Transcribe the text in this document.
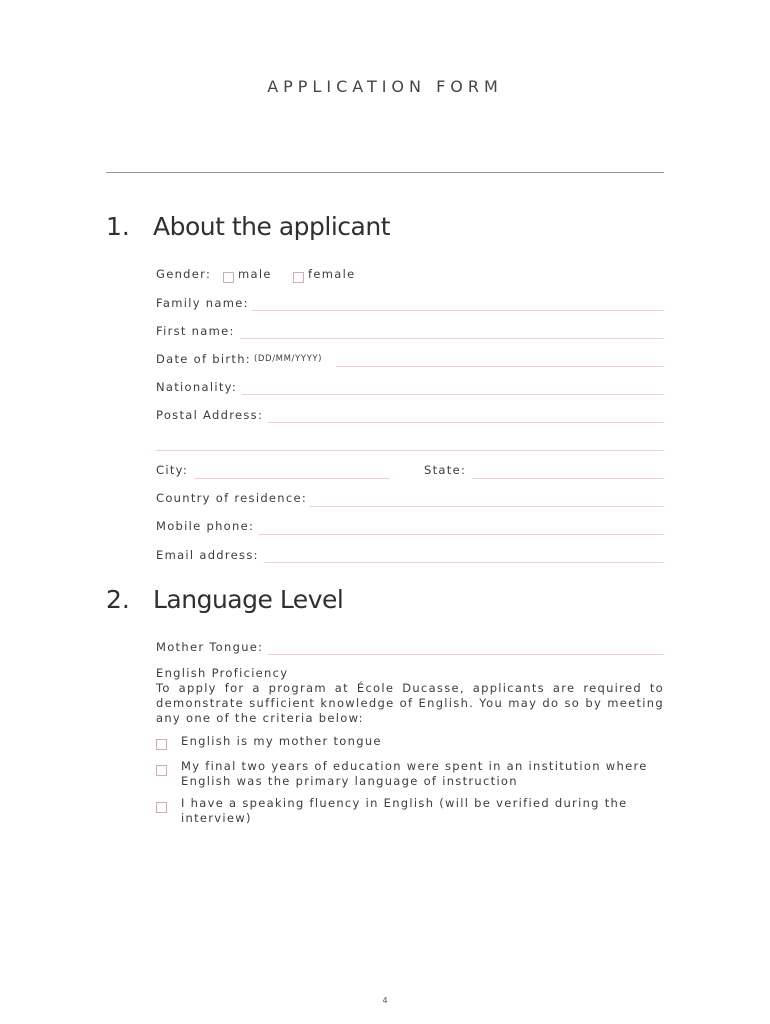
APPLICATION FORM
1. About the applicant
Gender: male	female
Family name:
First name:
Date of birth: (DD/MM/YYYY)
Nationality:
Postal Address:
City:	State:
Country of residence:
Mobile phone:
Email address:
2. Language Level
Mother Tongue:
English Proficiency
To apply for a program at École Ducasse, applicants are required to demonstrate sufficient knowledge of English. You may do so by meeting any one of the criteria below:
English is my mother tongue
My final two years of education were spent in an institution where English was the primary language of instruction
I have a speaking fluency in English (will be verified during the interview)
4
